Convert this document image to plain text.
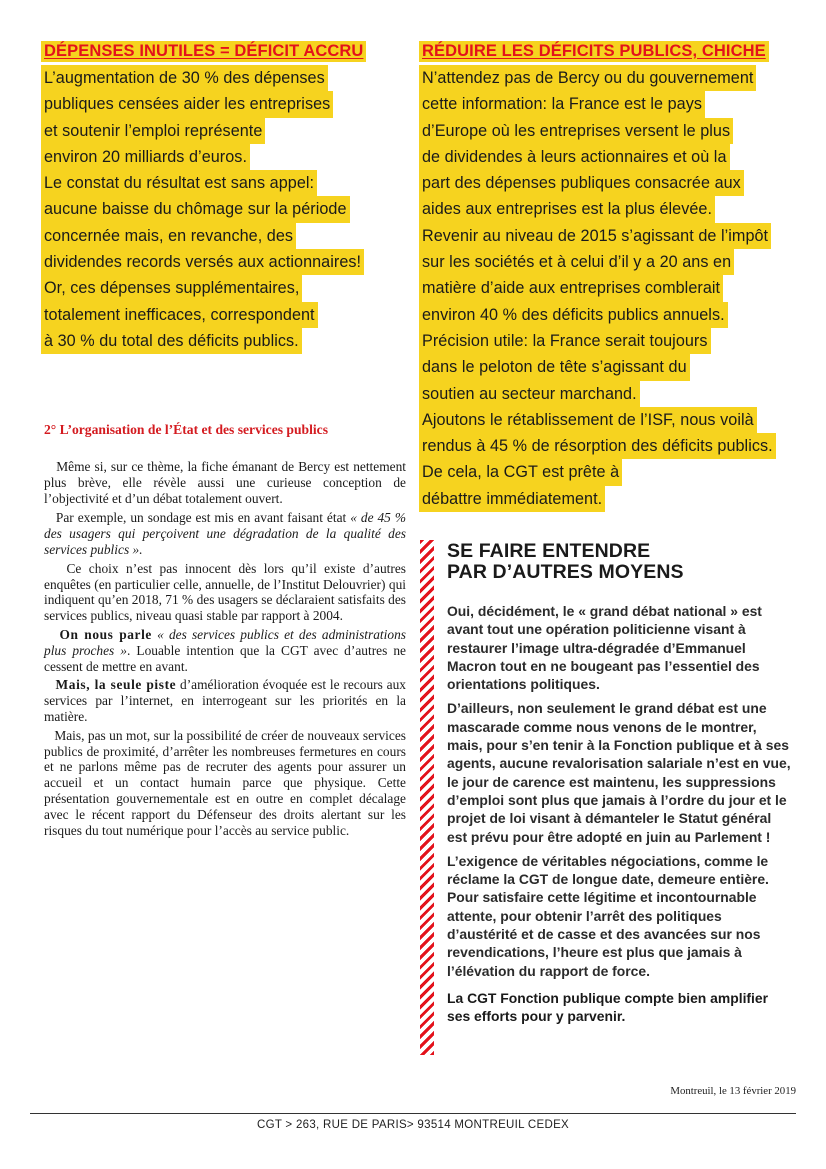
DÉPENSES INUTILES = DÉFICIT ACCRU
L’augmentation de 30 % des dépenses
publiques censées aider les entreprises
et soutenir l’emploi représente
environ 20 milliards d’euros.
Le constat du résultat est sans appel:
aucune baisse du chômage sur la période
concernée mais, en revanche, des
dividendes records versés aux actionnaires!
Or, ces dépenses supplémentaires,
totalement inefficaces, correspondent
à 30 % du total des déficits publics.
RÉDUIRE LES DÉFICITS PUBLICS, CHICHE
N’attendez pas de Bercy ou du gouvernement
cette information: la France est le pays
d’Europe où les entreprises versent le plus
de dividendes à leurs actionnaires et où la
part des dépenses publiques consacrée aux
aides aux entreprises est la plus élevée.
Revenir au niveau de 2015 s’agissant de l’impôt
sur les sociétés et à celui d’il y a 20 ans en
matière d’aide aux entreprises comblerait
environ 40 % des déficits publics annuels.
Précision utile: la France serait toujours
dans le peloton de tête s’agissant du
soutien au secteur marchand.
Ajoutons le rétablissement de l’ISF, nous voilà
rendus à 45 % de résorption des déficits publics.
De cela, la CGT est prête à
débattre immédiatement.
2° L’organisation de l’État et des services publics

Même si, sur ce thème, la fiche émanant de Bercy est nettement plus brève, elle révèle aussi une curieuse conception de l’objectivité et d’un débat totalement ouvert.

Par exemple, un sondage est mis en avant faisant état « de 45 % des usagers qui perçoivent une dégradation de la qualité des services publics ».

Ce choix n’est pas innocent dès lors qu’il existe d’autres enquêtes (en particulier celle, annuelle, de l’Institut Delouvrier) qui indiquent qu’en 2018, 71 % des usagers se déclaraient satisfaits des services publics, niveau quasi stable par rapport à 2004.

On nous parle « des services publics et des administrations plus proches ». Louable intention que la CGT avec d’autres ne cessent de mettre en avant.

Mais, la seule piste d’amélioration évoquée est le recours aux services par l’internet, en interrogeant sur les priorités en la matière.

Mais, pas un mot, sur la possibilité de créer de nouveaux services publics de proximité, d’arrêter les nombreuses fermetures en cours et ne parlons même pas de recruter des agents pour assurer un accueil et un contact humain parce que physique. Cette présentation gouvernementale est en outre en complet décalage avec le récent rapport du Défenseur des droits alertant sur les risques du tout numérique pour l’accès au service public.

SE FAIRE ENTENDRE
PAR D’AUTRES MOYENS

Oui, décidément, le « grand débat national » est avant tout une opération politicienne visant à restaurer l’image ultra-dégradée d’Emmanuel Macron tout en ne bougeant pas l’essentiel des orientations politiques.

D’ailleurs, non seulement le grand débat est une mascarade comme nous venons de le montrer, mais, pour s’en tenir à la Fonction publique et à ses agents, aucune revalorisation salariale n’est en vue, le jour de carence est maintenu, les suppressions d’emploi sont plus que jamais à l’ordre du jour et le projet de loi visant à démanteler le Statut général est prévu pour être adopté en juin au Parlement !

L’exigence de véritables négociations, comme le réclame la CGT de longue date, demeure entière. Pour satisfaire cette légitime et incontournable attente, pour obtenir l’arrêt des politiques d’austérité et de casse et des avancées sur nos revendications, l’heure est plus que jamais à l’élévation du rapport de force.

La CGT Fonction publique compte bien amplifier ses efforts pour y parvenir.

Montreuil, le 13 février 2019
CGT > 263, RUE DE PARIS> 93514 MONTREUIL CEDEX
